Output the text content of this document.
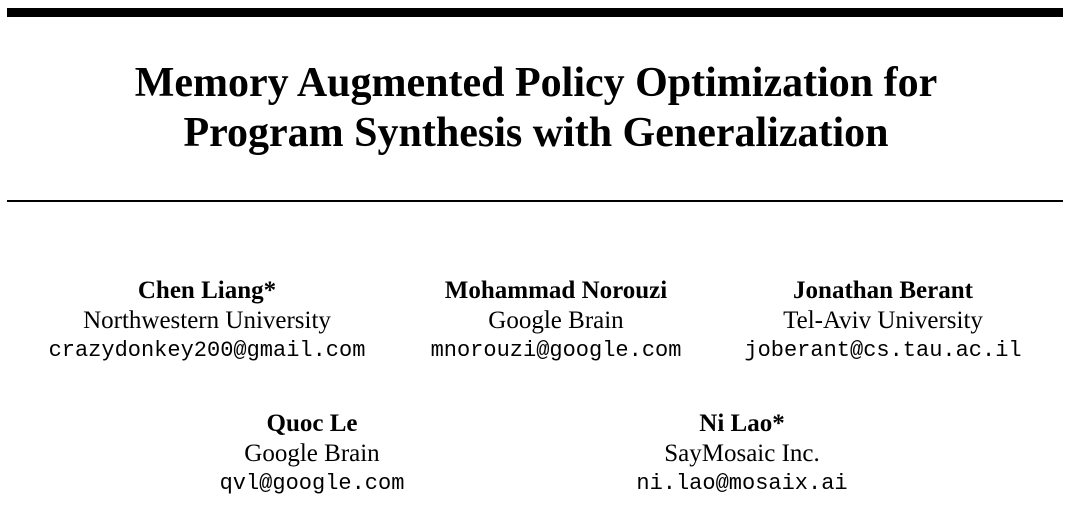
Memory Augmented Policy Optimization for
Program Synthesis with Generalization
Chen Liang*
Northwestern University
crazydonkey200@gmail.com
Mohammad Norouzi
Google Brain
mnorouzi@google.com
Jonathan Berant
Tel-Aviv University
joberant@cs.tau.ac.il
Quoc Le
Google Brain
qvl@google.com
Ni Lao*
SayMosaic Inc.
ni.lao@mosaix.ai
